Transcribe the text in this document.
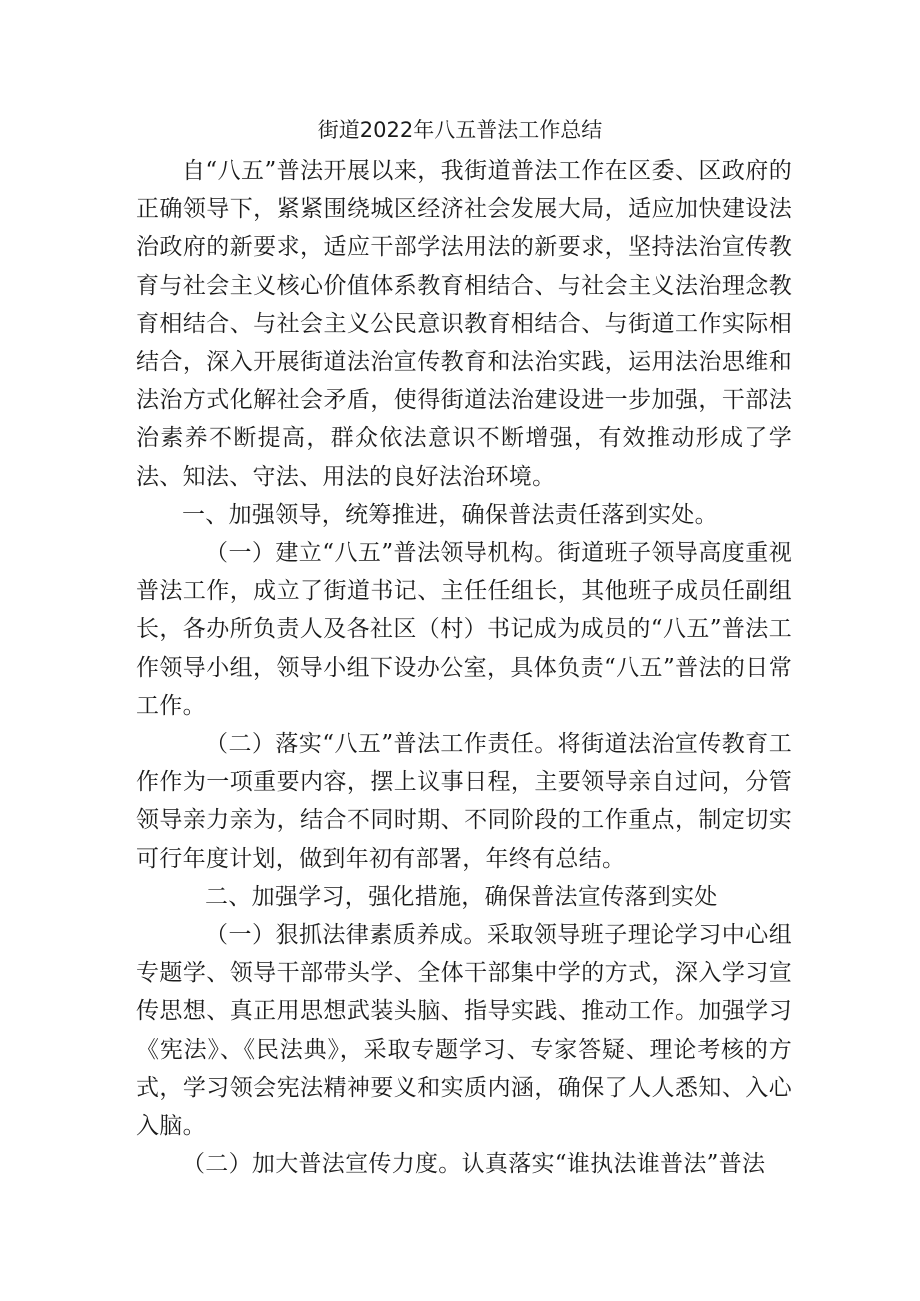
街道2022年八五普法工作总结

自“八五”普法开展以来，我街道普法工作在区委、区政府的正确领导下，紧紧围绕城区经济社会发展大局，适应加快建设法治政府的新要求，适应干部学法用法的新要求，坚持法治宣传教育与社会主义核心价值体系教育相结合、与社会主义法治理念教育相结合、与社会主义公民意识教育相结合、与街道工作实际相结合，深入开展街道法治宣传教育和法治实践，运用法治思维和法治方式化解社会矛盾，使得街道法治建设进一步加强，干部法治素养不断提高，群众依法意识不断增强，有效推动形成了学法、知法、守法、用法的良好法治环境。

一、加强领导，统筹推进，确保普法责任落到实处。

（一）建立“八五”普法领导机构。街道班子领导高度重视普法工作，成立了街道书记、主任任组长，其他班子成员任副组长，各办所负责人及各社区（村）书记成为成员的“八五”普法工作领导小组，领导小组下设办公室，具体负责“八五”普法的日常工作。

（二）落实“八五”普法工作责任。将街道法治宣传教育工作作为一项重要内容，摆上议事日程，主要领导亲自过问，分管领导亲力亲为，结合不同时期、不同阶段的工作重点，制定切实可行年度计划，做到年初有部署，年终有总结。

二、加强学习，强化措施，确保普法宣传落到实处

（一）狠抓法律素质养成。采取领导班子理论学习中心组专题学、领导干部带头学、全体干部集中学的方式，深入学习宣传思想、真正用思想武装头脑、指导实践、推动工作。加强学习《宪法》、《民法典》，采取专题学习、专家答疑、理论考核的方式，学习领会宪法精神要义和实质内涵，确保了人人悉知、入心入脑。

（二）加大普法宣传力度。认真落实“谁执法谁普法”普法
